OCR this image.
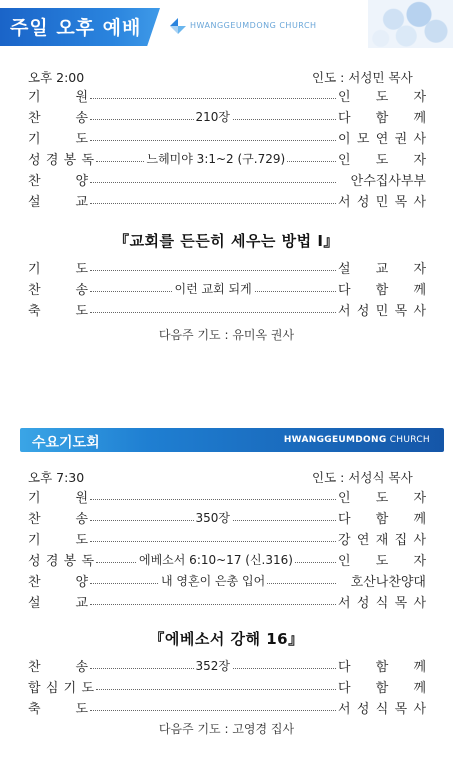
주일 오후 예배	HWANGGEUMDONG CHURCH
오후 2:00	인도 : 서성민 목사
기	원	인 도 자
찬	송	210장	다 함 께
기	도	이 모 연 권 사
성 경 봉 독	느헤미야 3:1~2 (구.729)	인 도 자
찬	양	안수집사부부
설	교	서 성 민 목 사
『교회를 든든히 세우는 방법 Ⅰ』
기	도	설 교 자
찬	송	이런 교회 되게	다 함 께
축	도	서 성 민 목 사
다음주 기도 : 유미옥 권사
수요기도회	HWANGGEUMDONG CHURCH
오후 7:30	인도 : 서성식 목사
기	원	인 도 자
찬	송	350장	다 함 께
기	도	강 연 재 집 사
성 경 봉 독	에베소서 6:10~17 (신.316)	인 도 자
찬	양	내 영혼이 은총 입어	호산나찬양대
설	교	서 성 식 목 사
『에베소서 강해 16』
찬	송	352장	다 함 께
합 심 기 도	다 함 께
축	도	서 성 식 목 사
다음주 기도 : 고영경 집사
